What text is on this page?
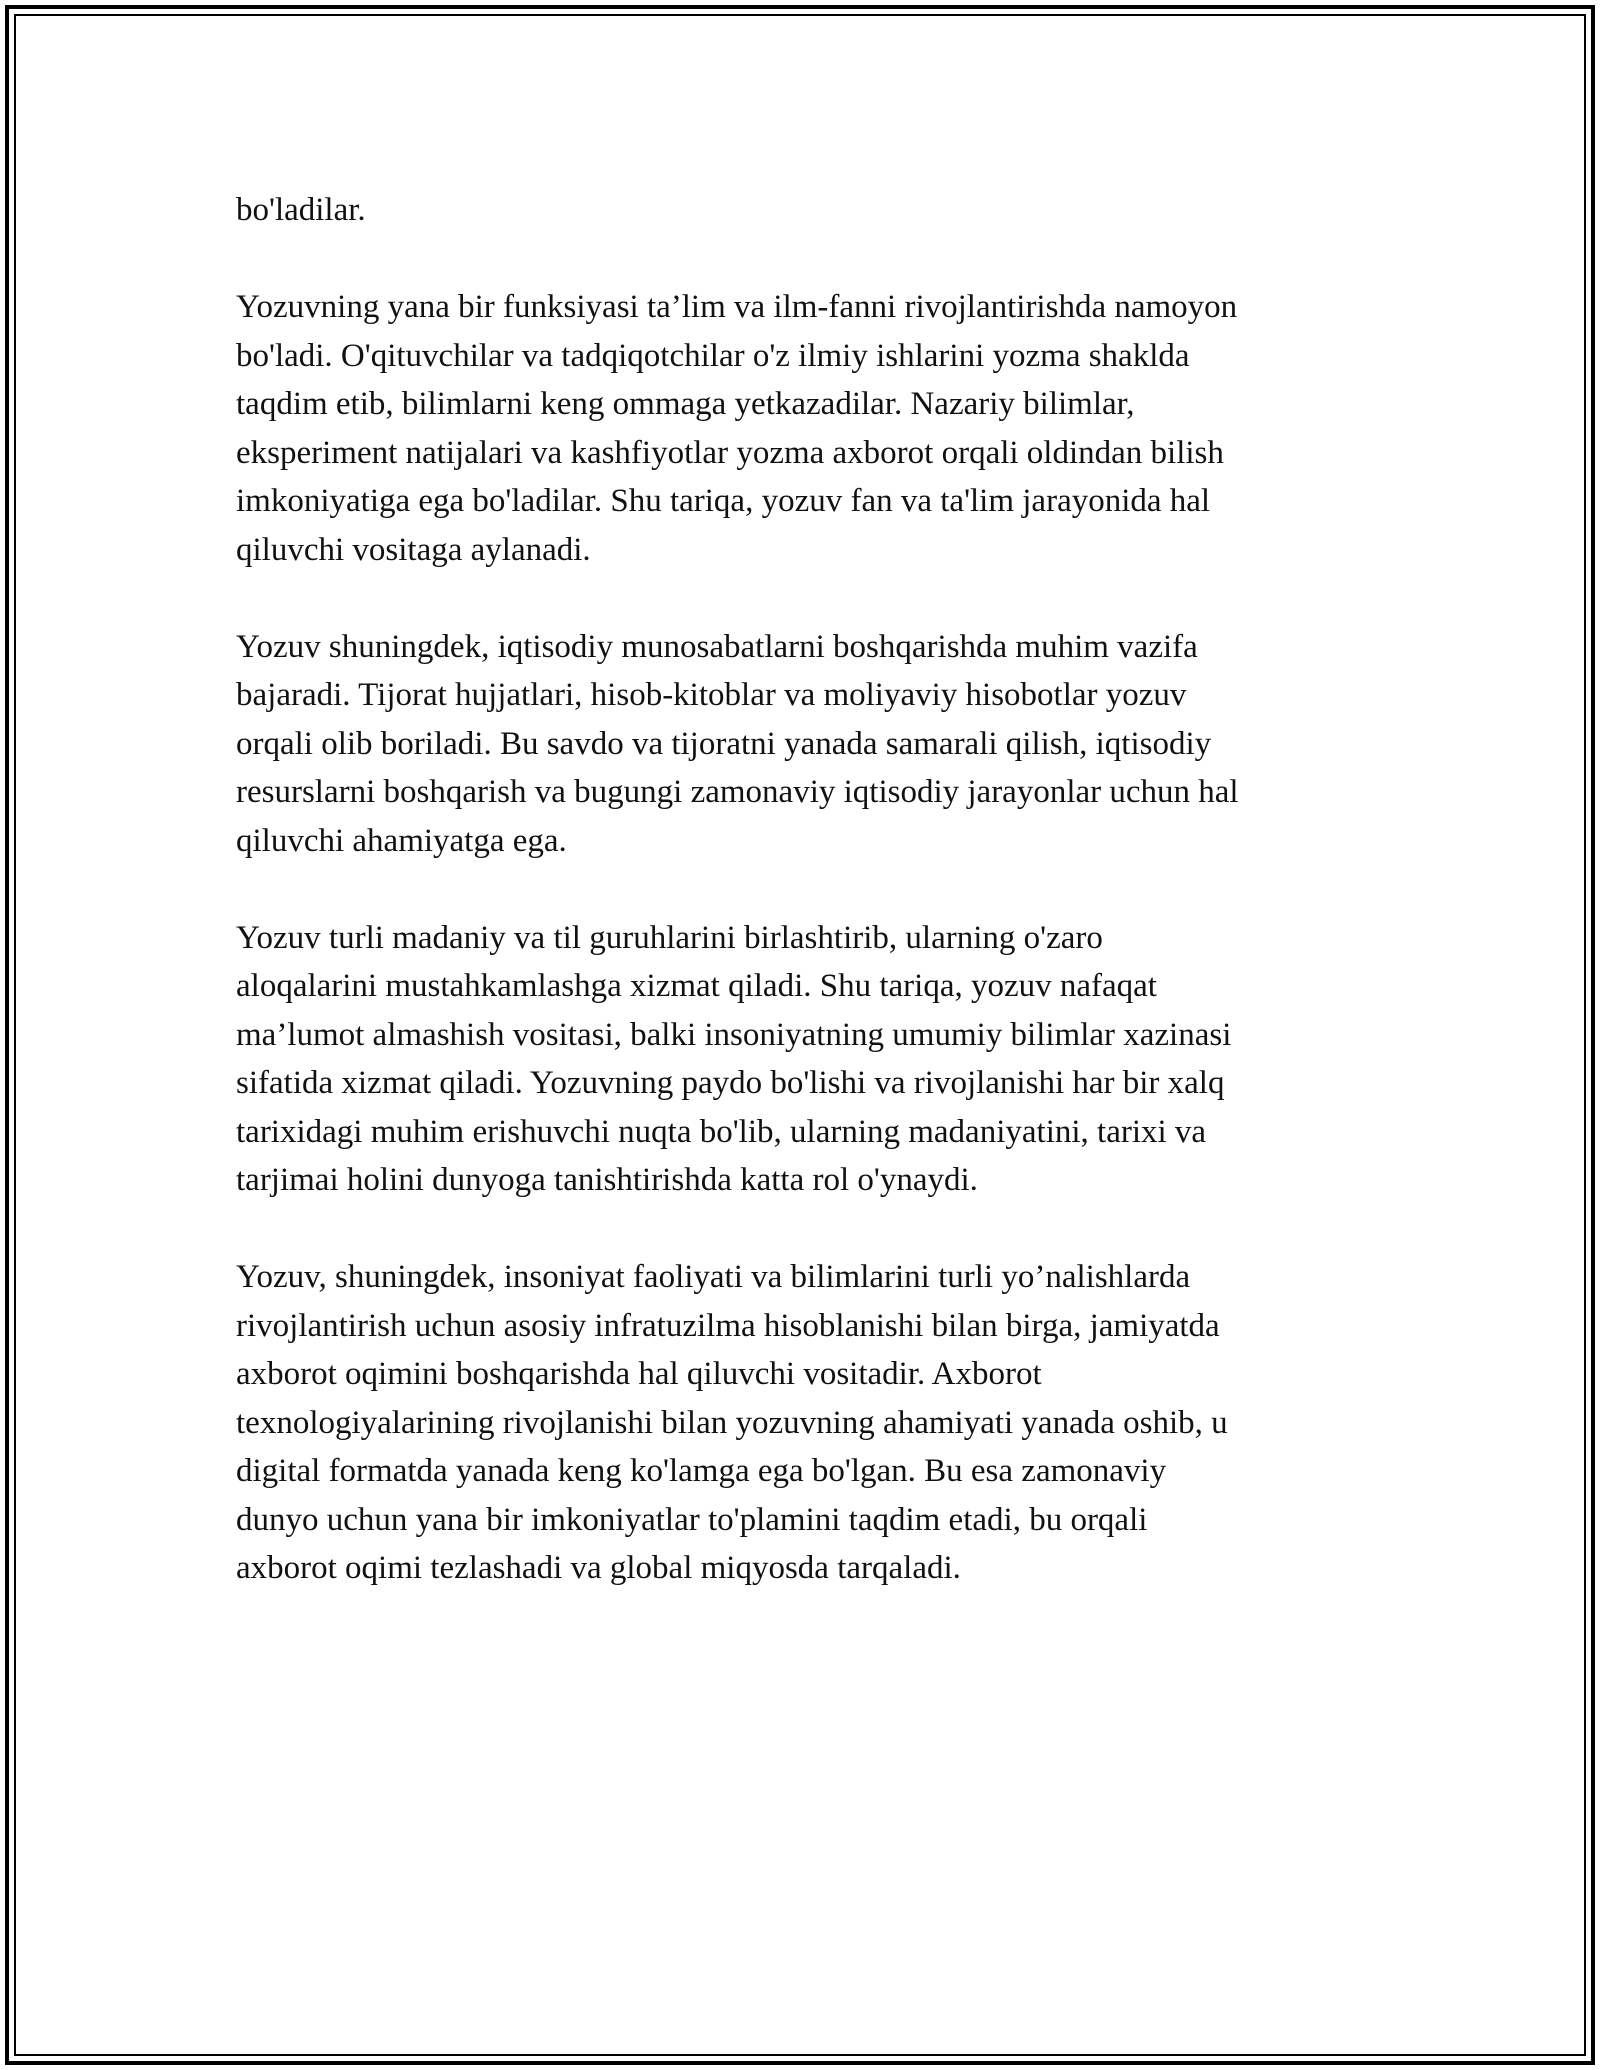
bo'ladilar.

Yozuvning yana bir funksiyasi ta’lim va ilm-fanni rivojlantirishda namoyon
bo'ladi. O'qituvchilar va tadqiqotchilar o'z ilmiy ishlarini yozma shaklda
taqdim etib, bilimlarni keng ommaga yetkazadilar. Nazariy bilimlar,
eksperiment natijalari va kashfiyotlar yozma axborot orqali oldindan bilish
imkoniyatiga ega bo'ladilar. Shu tariqa, yozuv fan va ta'lim jarayonida hal
qiluvchi vositaga aylanadi.

Yozuv shuningdek, iqtisodiy munosabatlarni boshqarishda muhim vazifa
bajaradi. Tijorat hujjatlari, hisob-kitoblar va moliyaviy hisobotlar yozuv
orqali olib boriladi. Bu savdo va tijoratni yanada samarali qilish, iqtisodiy
resurslarni boshqarish va bugungi zamonaviy iqtisodiy jarayonlar uchun hal
qiluvchi ahamiyatga ega.

Yozuv turli madaniy va til guruhlarini birlashtirib, ularning o'zaro
aloqalarini mustahkamlashga xizmat qiladi. Shu tariqa, yozuv nafaqat
ma’lumot almashish vositasi, balki insoniyatning umumiy bilimlar xazinasi
sifatida xizmat qiladi. Yozuvning paydo bo'lishi va rivojlanishi har bir xalq
tarixidagi muhim erishuvchi nuqta bo'lib, ularning madaniyatini, tarixi va
tarjimai holini dunyoga tanishtirishda katta rol o'ynaydi.

Yozuv, shuningdek, insoniyat faoliyati va bilimlarini turli yo’nalishlarda
rivojlantirish uchun asosiy infratuzilma hisoblanishi bilan birga, jamiyatda
axborot oqimini boshqarishda hal qiluvchi vositadir. Axborot
texnologiyalarining rivojlanishi bilan yozuvning ahamiyati yanada oshib, u
digital formatda yanada keng ko'lamga ega bo'lgan. Bu esa zamonaviy
dunyo uchun yana bir imkoniyatlar to'plamini taqdim etadi, bu orqali
axborot oqimi tezlashadi va global miqyosda tarqaladi.
